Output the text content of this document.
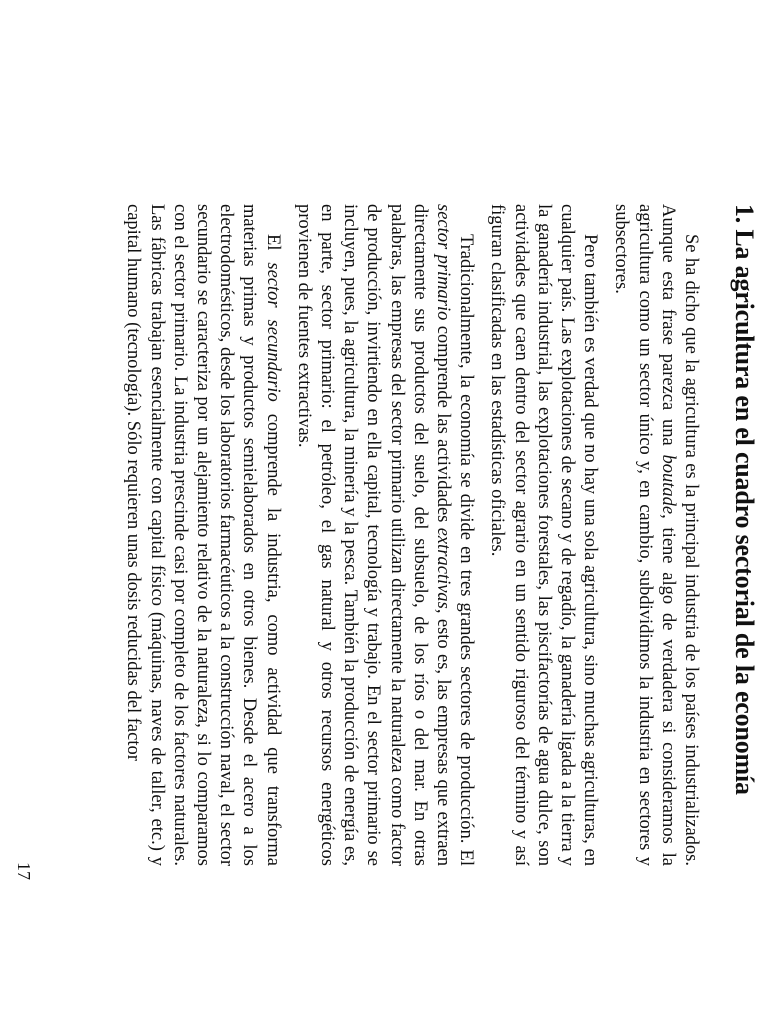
1. La agricultura en el cuadro sectorial de la economía

Se ha dicho que la agricultura es la principal industria de los países industrializados. Aunque esta frase parezca una boutade, tiene algo de verdadera si consideramos la agricultura como un sector único y, en cambio, subdividimos la industria en sectores y subsectores.

Pero también es verdad que no hay una sola agricultura, sino muchas agriculturas, en cualquier país. Las explotaciones de secano y de regadío, la ganadería ligada a la tierra y la ganadería industrial, las explotaciones forestales, las piscifactorías de agua dulce, son actividades que caen dentro del sector agrario en un sentido riguroso del término y así figuran clasificadas en las estadísticas oficiales.

Tradicionalmente, la economía se divide en tres grandes sectores de producción. El sector primario comprende las actividades extractivas, esto es, las empresas que extraen directamente sus productos del suelo, del subsuelo, de los ríos o del mar. En otras palabras, las empresas del sector primario utilizan directamente la naturaleza como factor de producción, invirtiendo en ella capital, tecnología y trabajo. En el sector primario se incluyen, pues, la agricultura, la minería y la pesca. También la producción de energía es, en parte, sector primario: el petróleo, el gas natural y otros recursos energéticos provienen de fuentes extractivas.

El sector secundario comprende la industria, como actividad que transforma materias primas y productos semielaborados en otros bienes. Desde el acero a los electrodomésticos, desde los laboratorios farmacéuticos a la construcción naval, el sector secundario se caracteriza por un alejamiento relativo de la naturaleza, si lo comparamos con el sector primario. La industria prescinde casi por completo de los factores naturales. Las fábricas trabajan esencialmente con capital físico (máquinas, naves de taller, etc.) y capital humano (tecnología). Sólo requieren unas dosis reducidas del factor

17
